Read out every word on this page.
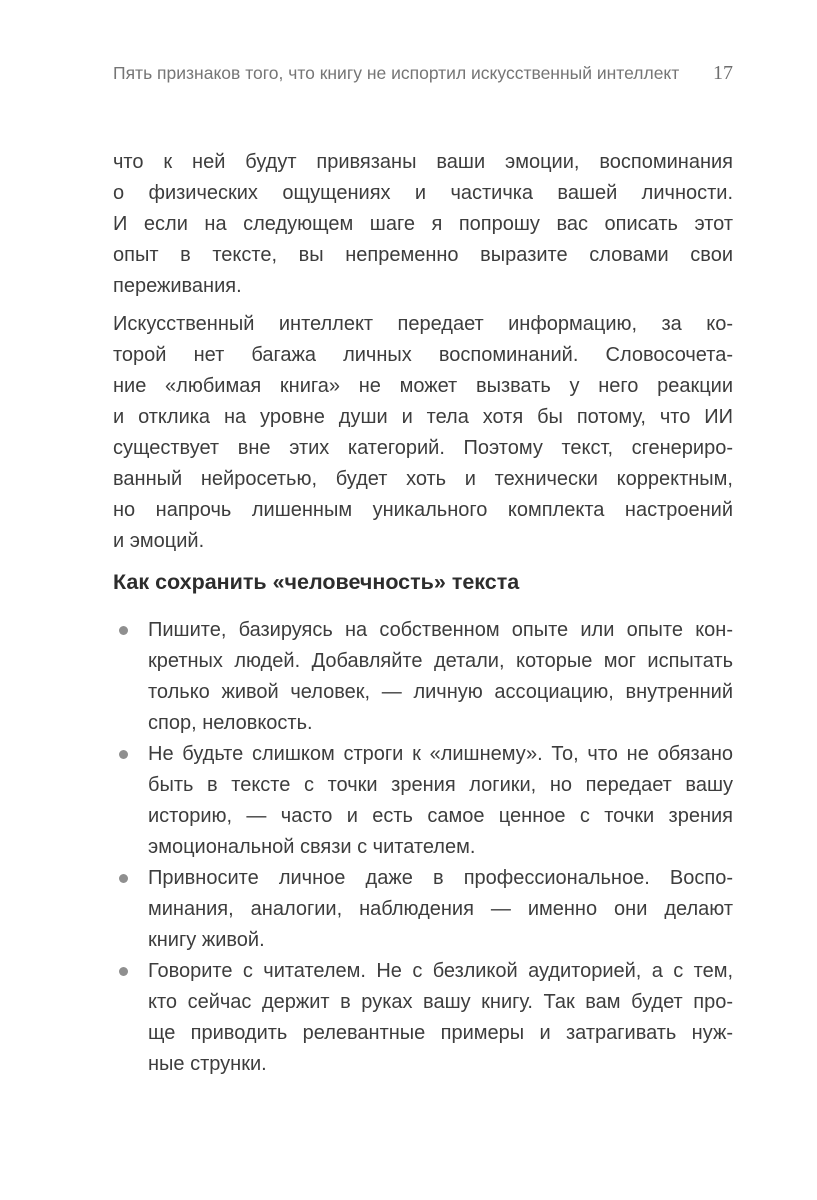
Пять признаков того, что книгу не испортил искусственный интеллект 17
что к ней будут привязаны ваши эмоции, воспоминания
о физических ощущениях и частичка вашей личности.
И если на следующем шаге я попрошу вас описать этот
опыт в тексте, вы непременно выразите словами свои
переживания.
Искусственный интеллект передает информацию, за ко-
торой нет багажа личных воспоминаний. Словосочета-
ние «любимая книга» не может вызвать у него реакции
и отклика на уровне души и тела хотя бы потому, что ИИ
существует вне этих категорий. Поэтому текст, сгенериро-
ванный нейросетью, будет хоть и технически корректным,
но напрочь лишенным уникального комплекта настроений
и эмоций.
Как сохранить «человечность» текста
Пишите, базируясь на собственном опыте или опыте кон-
кретных людей. Добавляйте детали, которые мог испытать
только живой человек, — личную ассоциацию, внутренний
спор, неловкость.
Не будьте слишком строги к «лишнему». То, что не обязано
быть в тексте с точки зрения логики, но передает вашу
историю, — часто и есть самое ценное с точки зрения
эмоциональной связи с читателем.
Привносите личное даже в профессиональное. Воспо-
минания, аналогии, наблюдения — именно они делают
книгу живой.
Говорите с читателем. Не с безликой аудиторией, а с тем,
кто сейчас держит в руках вашу книгу. Так вам будет про-
ще приводить релевантные примеры и затрагивать нуж-
ные струнки.
